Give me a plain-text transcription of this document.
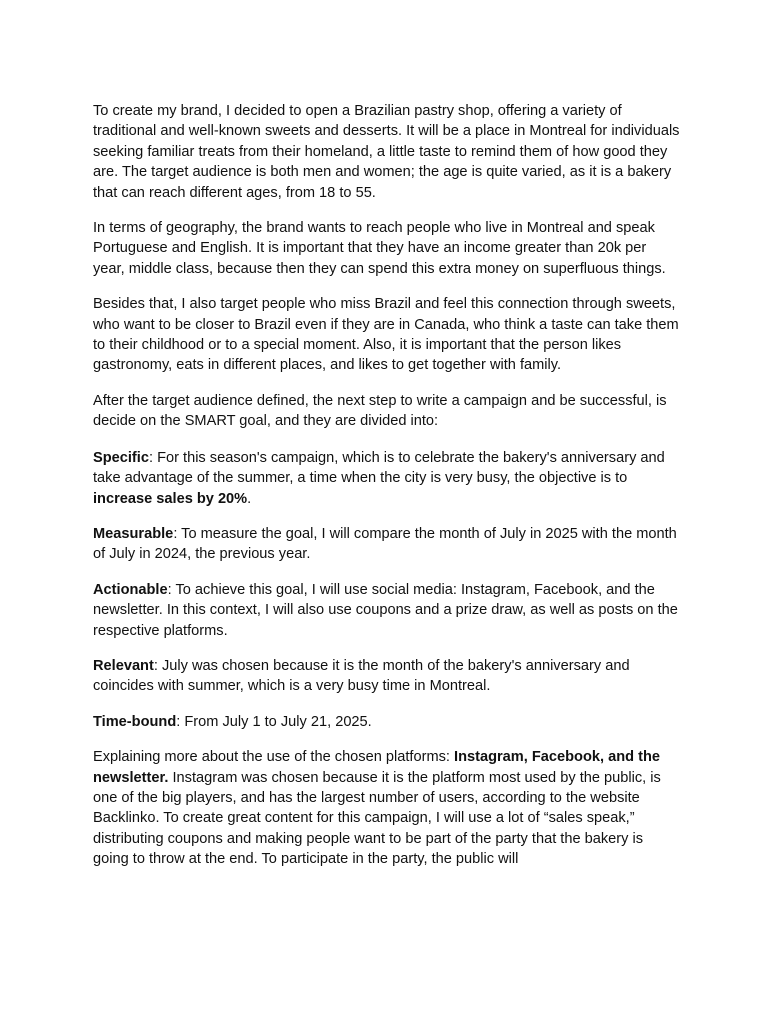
To create my brand, I decided to open a Brazilian pastry shop, offering a variety of traditional and well-known sweets and desserts. It will be a place in Montreal for individuals seeking familiar treats from their homeland, a little taste to remind them of how good they are. The target audience is both men and women; the age is quite varied, as it is a bakery that can reach different ages, from 18 to 55.

In terms of geography, the brand wants to reach people who live in Montreal and speak Portuguese and English. It is important that they have an income greater than 20k per year, middle class, because then they can spend this extra money on superfluous things.

Besides that, I also target people who miss Brazil and feel this connection through sweets, who want to be closer to Brazil even if they are in Canada, who think a taste can take them to their childhood or to a special moment. Also, it is important that the person likes gastronomy, eats in different places, and likes to get together with family.

After the target audience defined, the next step to write a campaign and be successful, is decide on the SMART goal, and they are divided into:

Specific: For this season's campaign, which is to celebrate the bakery's anniversary and take advantage of the summer, a time when the city is very busy, the objective is to increase sales by 20%.

Measurable: To measure the goal, I will compare the month of July in 2025 with the month of July in 2024, the previous year.

Actionable: To achieve this goal, I will use social media: Instagram, Facebook, and the newsletter. In this context, I will also use coupons and a prize draw, as well as posts on the respective platforms.

Relevant: July was chosen because it is the month of the bakery's anniversary and coincides with summer, which is a very busy time in Montreal.

Time-bound: From July 1 to July 21, 2025.

Explaining more about the use of the chosen platforms: Instagram, Facebook, and the newsletter. Instagram was chosen because it is the platform most used by the public, is one of the big players, and has the largest number of users, according to the website Backlinko. To create great content for this campaign, I will use a lot of “sales speak,” distributing coupons and making people want to be part of the party that the bakery is going to throw at the end. To participate in the party, the public will
